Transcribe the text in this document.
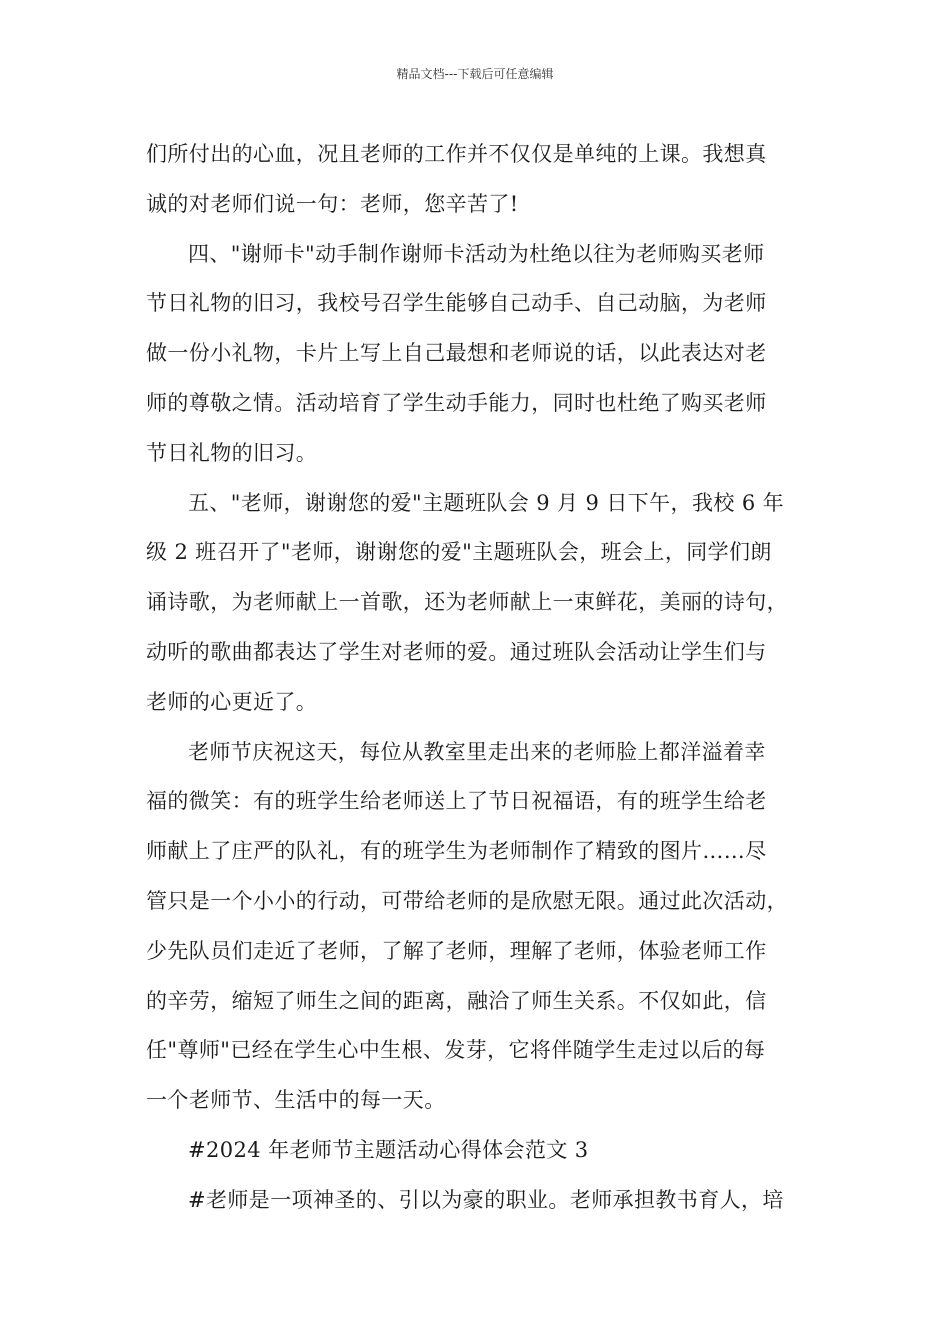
精品文档---下载后可任意编辑
们所付出的心血，况且老师的工作并不仅仅是单纯的上课。我想真
诚的对老师们说一句：老师，您辛苦了!
四、"谢师卡"动手制作谢师卡活动为杜绝以往为老师购买老师
节日礼物的旧习，我校号召学生能够自己动手、自己动脑，为老师
做一份小礼物，卡片上写上自己最想和老师说的话，以此表达对老
师的尊敬之情。活动培育了学生动手能力，同时也杜绝了购买老师
节日礼物的旧习。
五、"老师，谢谢您的爱"主题班队会 9 月 9 日下午，我校 6 年
级 2 班召开了"老师，谢谢您的爱"主题班队会，班会上，同学们朗
诵诗歌，为老师献上一首歌，还为老师献上一束鲜花，美丽的诗句，
动听的歌曲都表达了学生对老师的爱。通过班队会活动让学生们与
老师的心更近了。
老师节庆祝这天，每位从教室里走出来的老师脸上都洋溢着幸
福的微笑：有的班学生给老师送上了节日祝福语，有的班学生给老
师献上了庄严的队礼，有的班学生为老师制作了精致的图片……尽
管只是一个小小的行动，可带给老师的是欣慰无限。通过此次活动，
少先队员们走近了老师，了解了老师，理解了老师，体验老师工作
的辛劳，缩短了师生之间的距离，融洽了师生关系。不仅如此，信
任"尊师"已经在学生心中生根、发芽，它将伴随学生走过以后的每
一个老师节、生活中的每一天。
#2024 年老师节主题活动心得体会范文 3
#老师是一项神圣的、引以为豪的职业。老师承担教书育人，培
